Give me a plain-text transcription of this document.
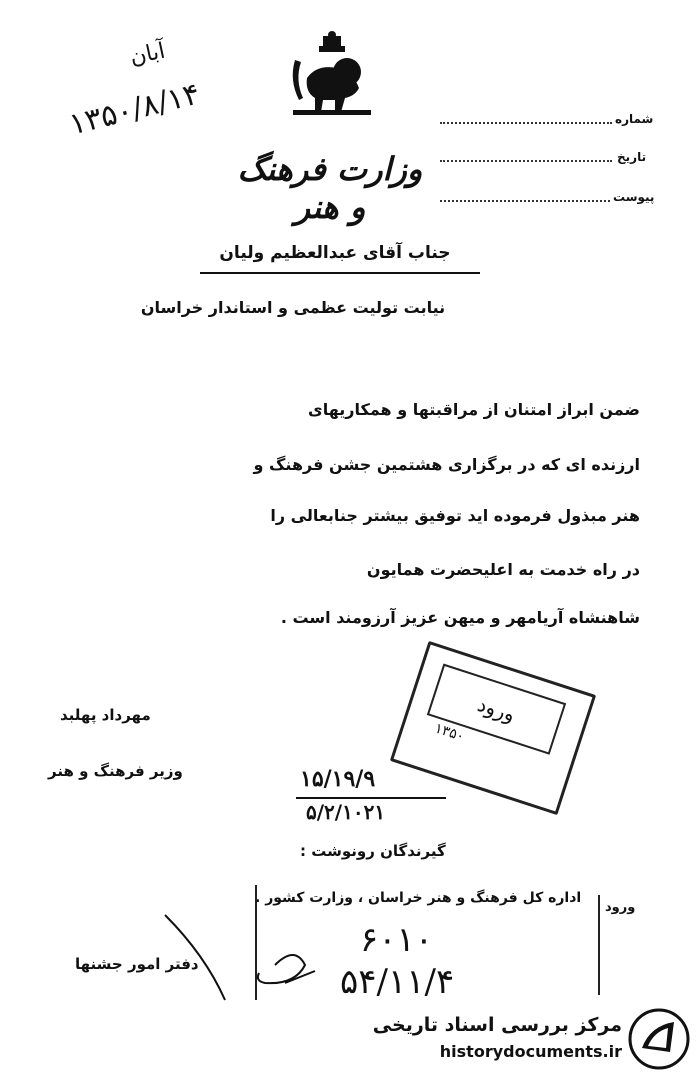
آبان
۱۳۵۰/۸/۱۴	شماره
تاریخ
پیوست
وزارت فرهنگ و هنر
جناب آقای عبدالعظیم ولیان
نیابت تولیت عظمی و استاندار خراسان
ضمن ابراز امتنان از مراقبتها و همکاریهای
ارزنده ای که در برگزاری هشتمین جشن فرهنگ و
هنر مبذول فرموده اید توفیق بیشتر جنابعالی را
در راه خدمت به اعلیحضرت همایون
شاهنشاه آریامهر و میهن عزیز آرزومند است .
مهرداد پهلبد
وزیر فرهنگ و هنر
ورود
۱۳۵۰
۱۵/۱۹/۹
۵/۲/۱۰۲۱
گیرندگان رونوشت :
اداره کل فرهنگ و هنر خراسان ، وزارت کشور .
ورود
۶۰۱۰
۵۴/۱۱/۴
دفتر امور جشنها
مرکز بررسی اسناد تاریخی
historydocuments.ir
